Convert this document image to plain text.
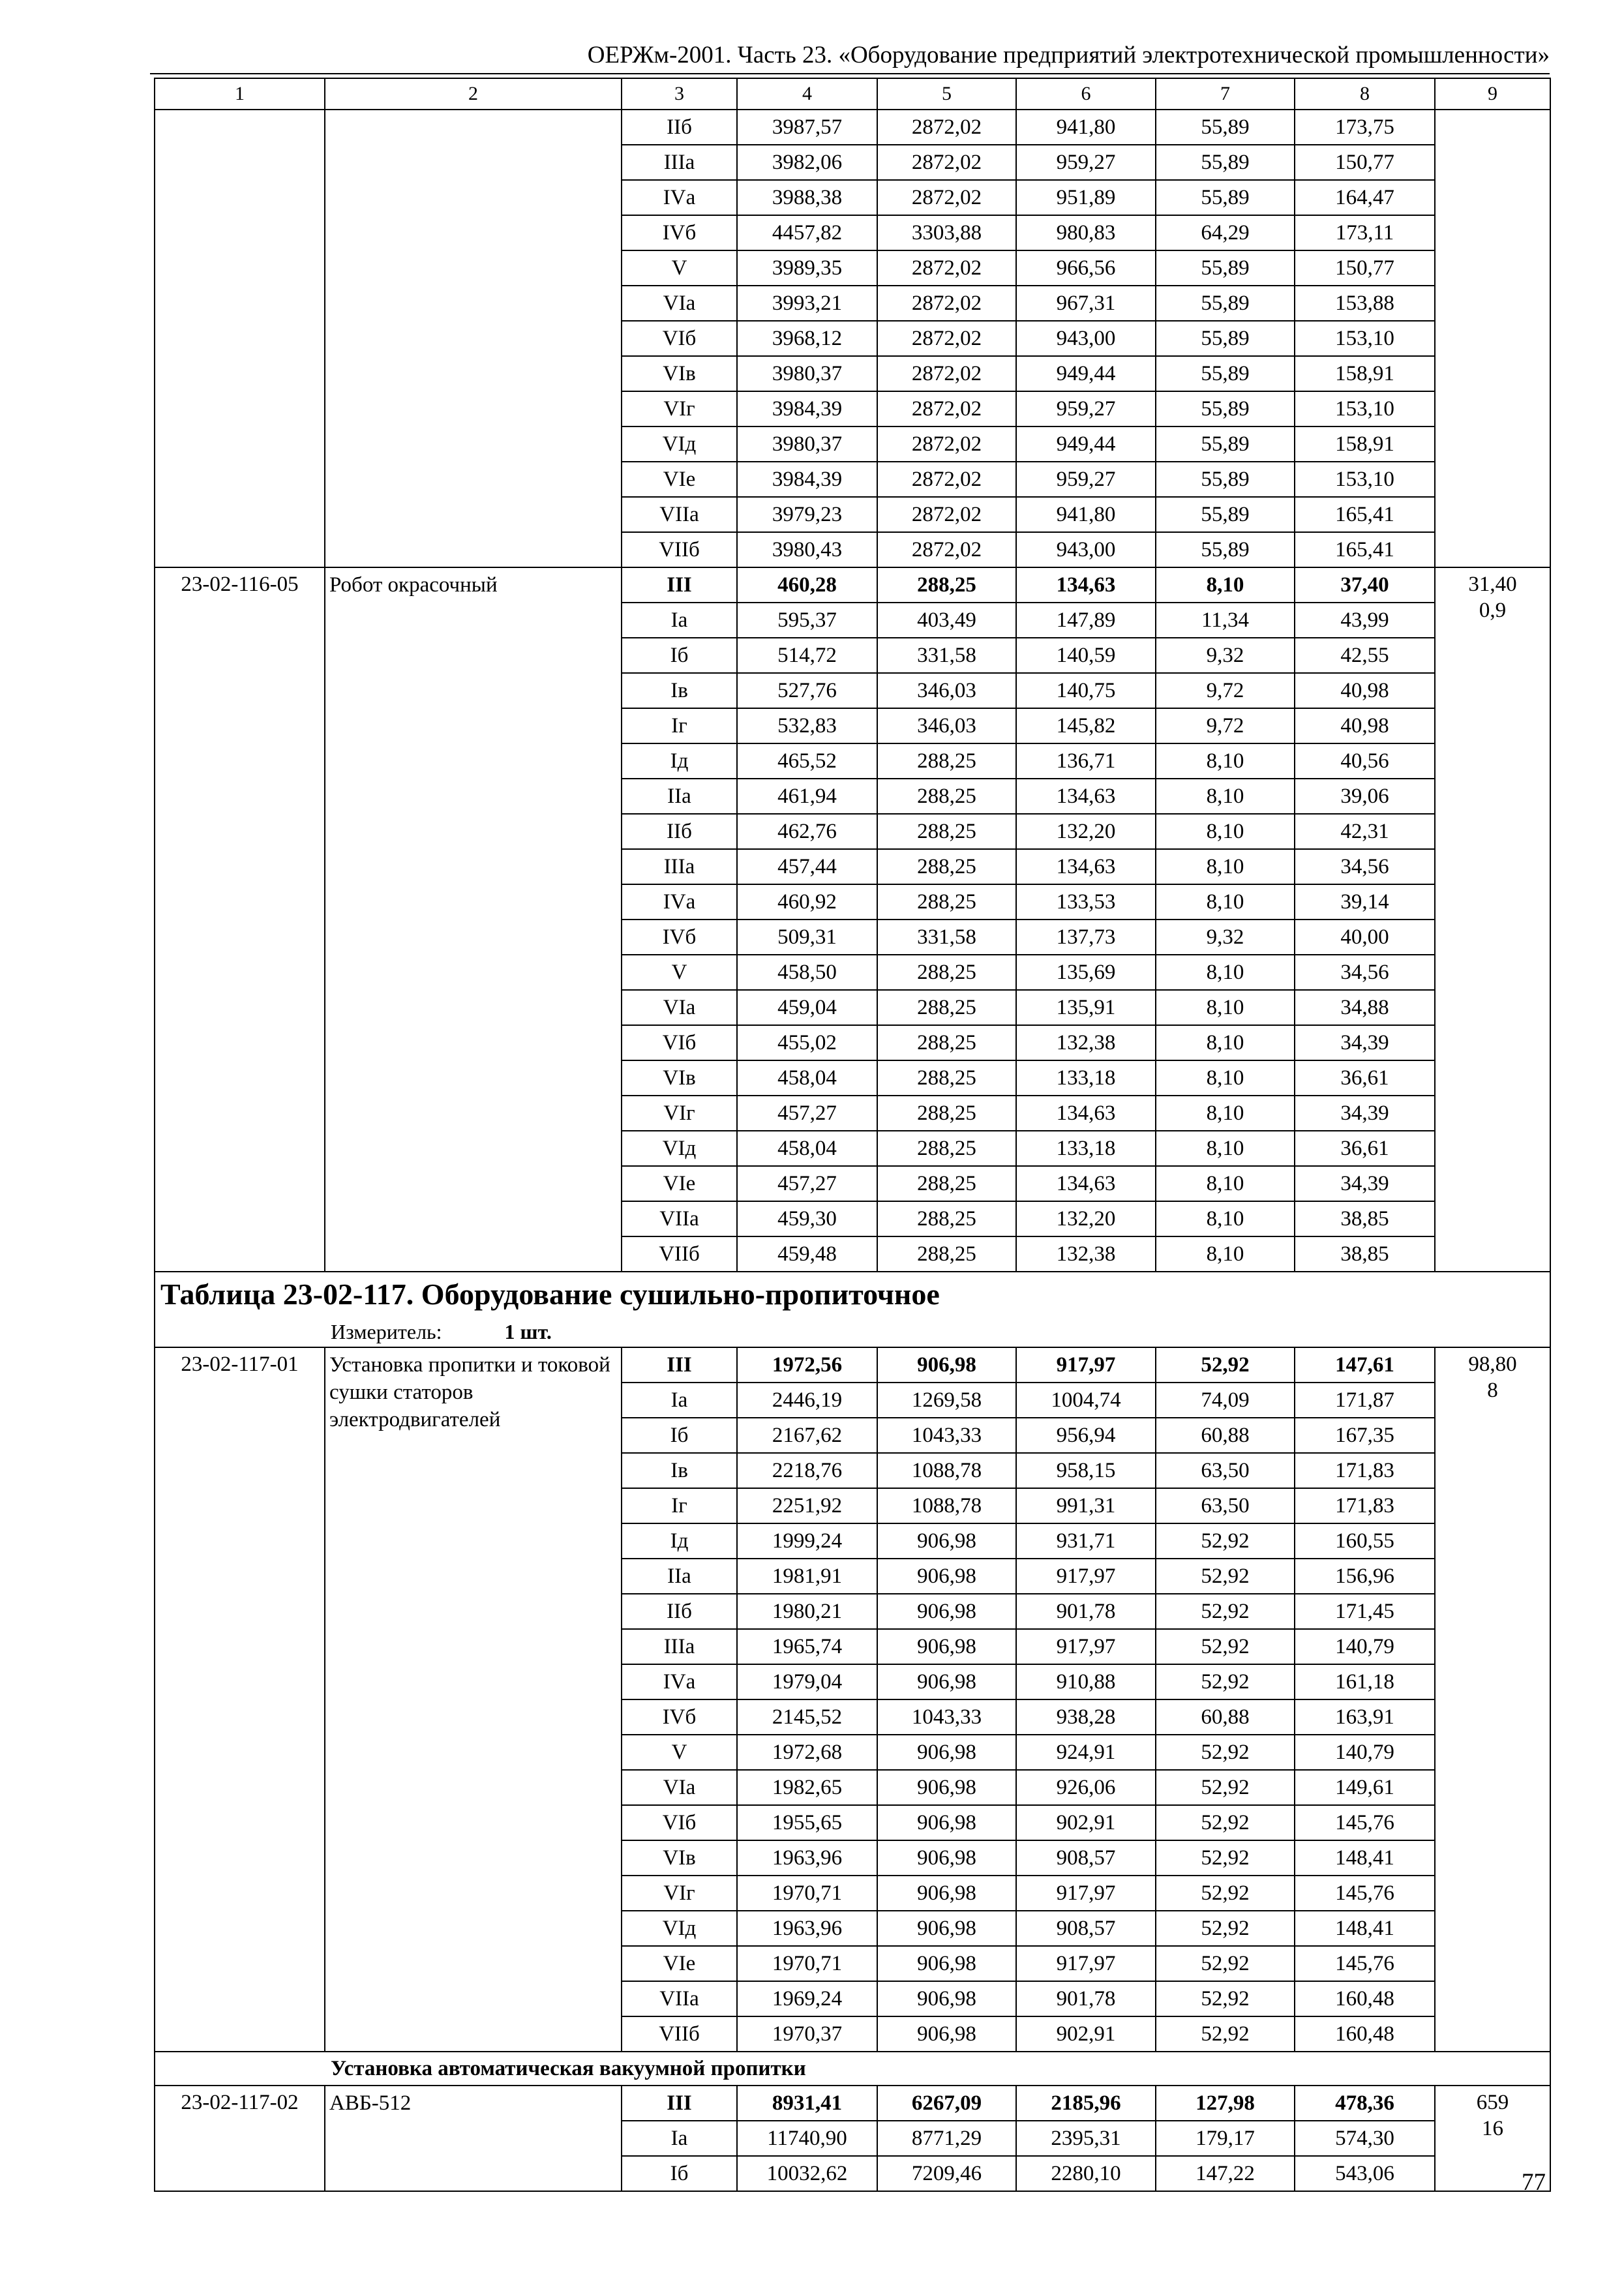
ОЕРЖм-2001. Часть 23. «Оборудование предприятий электротехнической промышленности»
1	2	3	4	5	6	7	8	9
		IIб	3987,57	2872,02	941,80	55,89	173,75	
		IIIа	3982,06	2872,02	959,27	55,89	150,77	
		IVа	3988,38	2872,02	951,89	55,89	164,47	
		IVб	4457,82	3303,88	980,83	64,29	173,11	
		V	3989,35	2872,02	966,56	55,89	150,77	
		VIа	3993,21	2872,02	967,31	55,89	153,88	
		VIб	3968,12	2872,02	943,00	55,89	153,10	
		VIв	3980,37	2872,02	949,44	55,89	158,91	
		VIг	3984,39	2872,02	959,27	55,89	153,10	
		VIд	3980,37	2872,02	949,44	55,89	158,91	
		VIе	3984,39	2872,02	959,27	55,89	153,10	
		VIIа	3979,23	2872,02	941,80	55,89	165,41	
		VIIб	3980,43	2872,02	943,00	55,89	165,41	
23-02-116-05	Робот окрасочный	III	460,28	288,25	134,63	8,10	37,40	31,40
0,9

		Iа	595,37	403,49	147,89	11,34	43,99	
		Iб	514,72	331,58	140,59	9,32	42,55	
		Iв	527,76	346,03	140,75	9,72	40,98	
		Iг	532,83	346,03	145,82	9,72	40,98	
		Iд	465,52	288,25	136,71	8,10	40,56	
		IIа	461,94	288,25	134,63	8,10	39,06	
		IIб	462,76	288,25	132,20	8,10	42,31	
		IIIа	457,44	288,25	134,63	8,10	34,56	
		IVа	460,92	288,25	133,53	8,10	39,14	
		IVб	509,31	331,58	137,73	9,32	40,00	
		V	458,50	288,25	135,69	8,10	34,56	
		VIа	459,04	288,25	135,91	8,10	34,88	
		VIб	455,02	288,25	132,38	8,10	34,39	
		VIв	458,04	288,25	133,18	8,10	36,61	
		VIг	457,27	288,25	134,63	8,10	34,39	
		VIд	458,04	288,25	133,18	8,10	36,61	
		VIе	457,27	288,25	134,63	8,10	34,39	
		VIIа	459,30	288,25	132,20	8,10	38,85	
		VIIб	459,48	288,25	132,38	8,10	38,85	
Таблица 23-02-117. Оборудование сушильно-пропиточное								
Измеритель: 1 шт.								
23-02-117-01	Установка пропитки и токовой сушки статоров электродвигателей	III	1972,56	906,98	917,97	52,92	147,61	98,80
8

		Iа	2446,19	1269,58	1004,74	74,09	171,87	
		Iб	2167,62	1043,33	956,94	60,88	167,35	
		Iв	2218,76	1088,78	958,15	63,50	171,83	
		Iг	2251,92	1088,78	991,31	63,50	171,83	
		Iд	1999,24	906,98	931,71	52,92	160,55	
		IIа	1981,91	906,98	917,97	52,92	156,96	
		IIб	1980,21	906,98	901,78	52,92	171,45	
		IIIа	1965,74	906,98	917,97	52,92	140,79	
		IVа	1979,04	906,98	910,88	52,92	161,18	
		IVб	2145,52	1043,33	938,28	60,88	163,91	
		V	1972,68	906,98	924,91	52,92	140,79	
		VIа	1982,65	906,98	926,06	52,92	149,61	
		VIб	1955,65	906,98	902,91	52,92	145,76	
		VIв	1963,96	906,98	908,57	52,92	148,41	
		VIг	1970,71	906,98	917,97	52,92	145,76	
		VIд	1963,96	906,98	908,57	52,92	148,41	
		VIе	1970,71	906,98	917,97	52,92	145,76	
		VIIа	1969,24	906,98	901,78	52,92	160,48	
		VIIб	1970,37	906,98	902,91	52,92	160,48	
Установка автоматическая вакуумной пропитки								
23-02-117-02	АВБ-512	III	8931,41	6267,09	2185,96	127,98	478,36	659
16

		Iа	11740,90	8771,29	2395,31	179,17	574,30	
		Iб	10032,62	7209,46	2280,10	147,22	543,06		77
